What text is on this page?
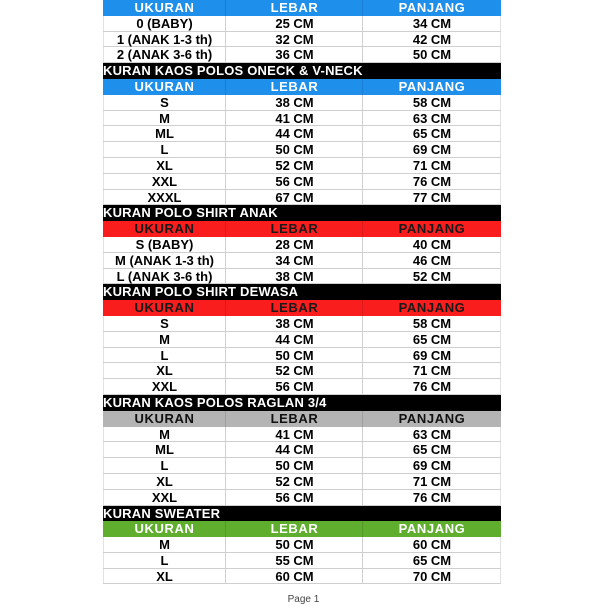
UKURAN	LEBAR	PANJANG
0 (BABY)	25 CM	34 CM
1 (ANAK 1-3 th)	32 CM	42 CM
2 (ANAK 3-6 th)	36 CM	50 CM
KURAN KAOS POLOS ONECK & V-NECK
UKURAN	LEBAR	PANJANG
S	38 CM	58 CM
M	41 CM	63 CM
ML	44 CM	65 CM
L	50 CM	69 CM
XL	52 CM	71 CM
XXL	56 CM	76 CM
XXXL	67 CM	77 CM
KURAN POLO SHIRT ANAK
UKURAN	LEBAR	PANJANG
S (BABY)	28 CM	40 CM
M (ANAK 1-3 th)	34 CM	46 CM
L (ANAK 3-6 th)	38 CM	52 CM
KURAN POLO SHIRT DEWASA
UKURAN	LEBAR	PANJANG
S	38 CM	58 CM
M	44 CM	65 CM
L	50 CM	69 CM
XL	52 CM	71 CM
XXL	56 CM	76 CM
KURAN KAOS POLOS RAGLAN 3/4
UKURAN	LEBAR	PANJANG
M	41 CM	63 CM
ML	44 CM	65 CM
L	50 CM	69 CM
XL	52 CM	71 CM
XXL	56 CM	76 CM
KURAN SWEATER
UKURAN	LEBAR	PANJANG
M	50 CM	60 CM
L	55 CM	65 CM
XL	60 CM	70 CM
Page 1
